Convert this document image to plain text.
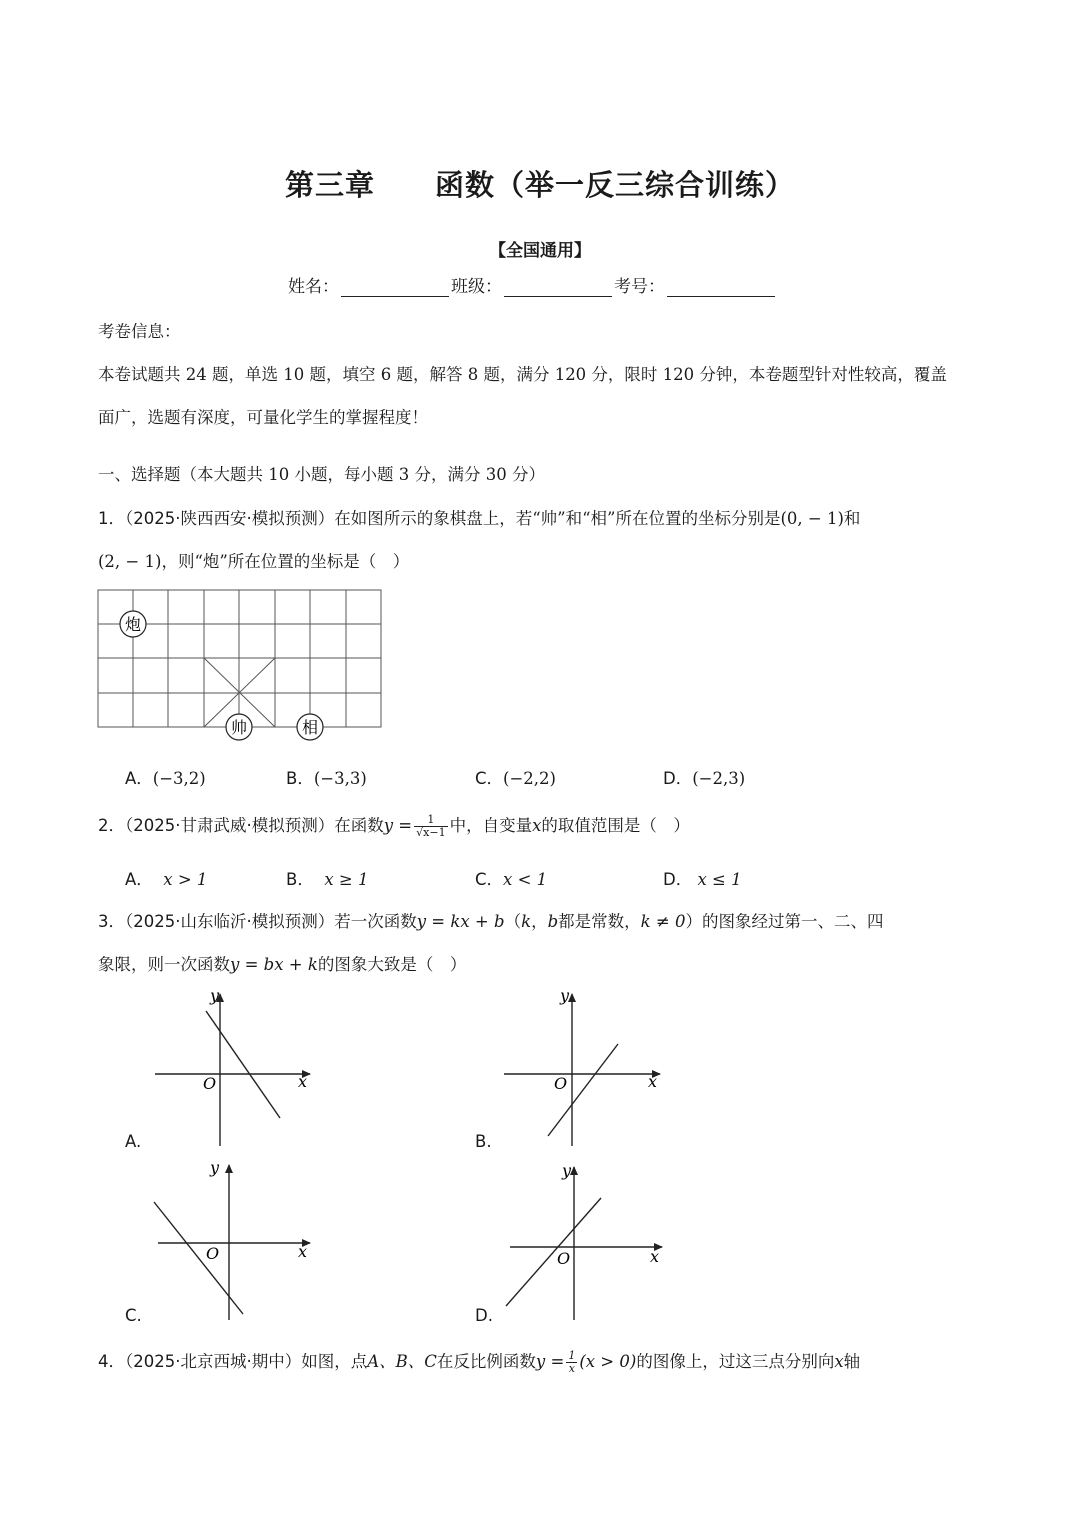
第三章　　函数（举一反三综合训练）
【全国通用】
姓名：	班级：	考号：
考卷信息：
本卷试题共 24 题，单选 10 题，填空 6 题，解答 8 题，满分 120 分，限时 120 分钟，本卷题型针对性较高，覆盖
面广，选题有深度，可量化学生的掌握程度！
一、选择题（本大题共 10 小题，每小题 3 分，满分 30 分）
1．（2025·陕西西安·模拟预测）在如图所示的象棋盘上，若“帅”和“相”所在位置的坐标分别是(0, − 1)和
(2, − 1)，则“炮”所在位置的坐标是（　）
炮
帅	相
A．(−3,2)	B．(−3,3)	C．(−2,2)	D．(−2,3)
2．（2025·甘肃武威·模拟预测）在函数$y = \frac{1}{√x-1}$ 中，自变量x的取值范围是（　）
A． x > 1	B． x ≥ 1	C．x < 1	D． x ≤ 1
3．（2025·山东临沂·模拟预测）若一次函数y = kx + b（k，b都是常数，k ≠ 0）的图象经过第一、二、四
象限，则一次函数y = bx + k的图象大致是（　）
y
x
O
y
x
O
y
x
O
y
x
O
A.	B.
C.	D.
4．（2025·北京西城·期中）如图，点A、B、C在反比例函数$y = \frac{1}{x} (x > 0)$的图像上，过这三点分别向x轴
